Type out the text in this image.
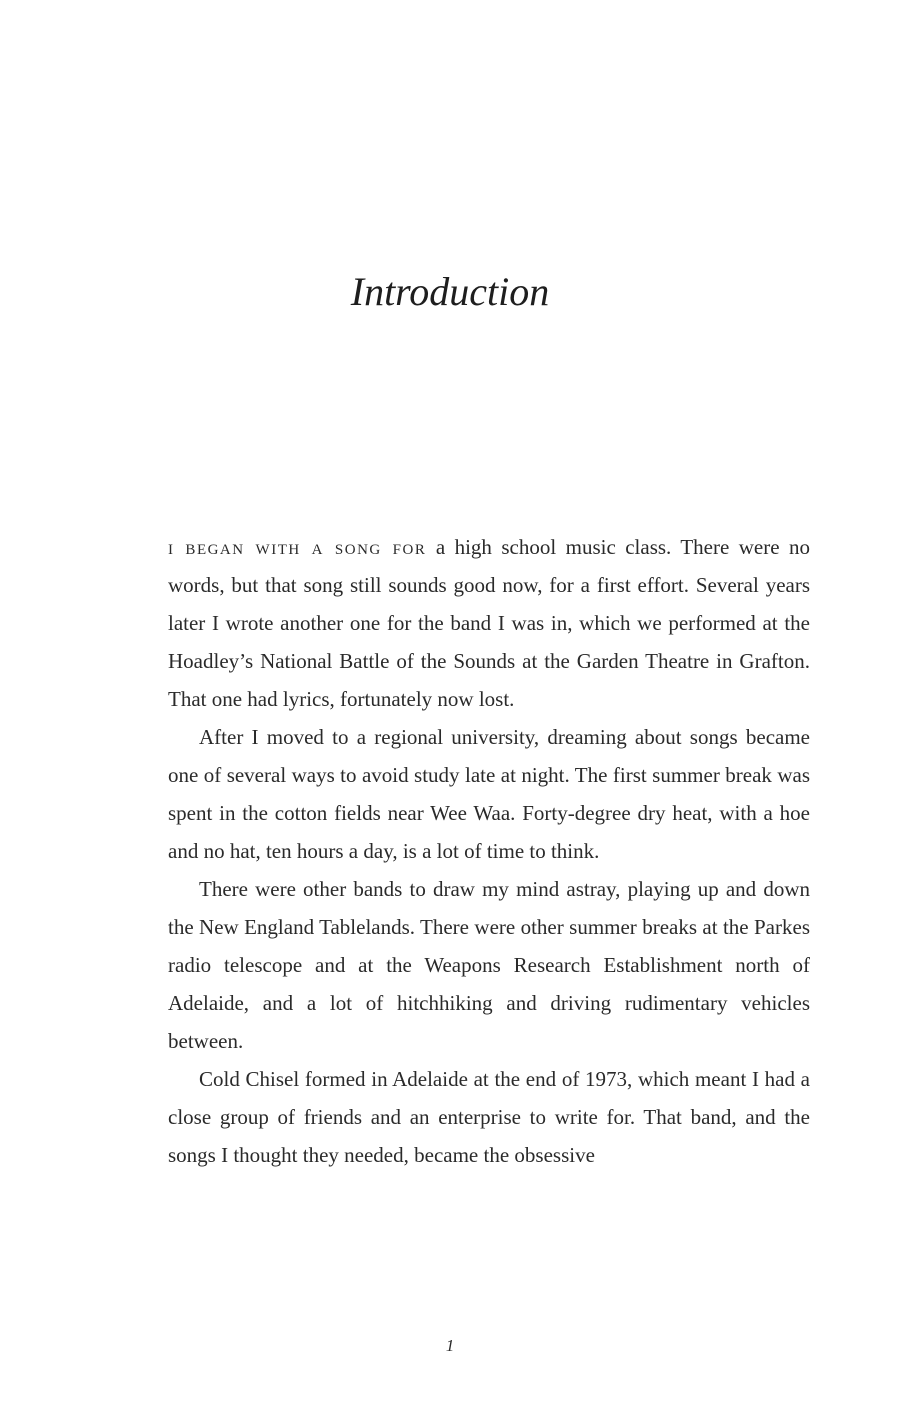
Introduction

i began with a song for a high school music class. There were no words, but that song still sounds good now, for a first effort. Several years later I wrote another one for the band I was in, which we performed at the Hoadley’s National Battle of the Sounds at the Garden Theatre in Grafton. That one had lyrics, fortunately now lost.

After I moved to a regional university, dreaming about songs became one of several ways to avoid study late at night. The first summer break was spent in the cotton fields near Wee Waa. Forty-degree dry heat, with a hoe and no hat, ten hours a day, is a lot of time to think.

There were other bands to draw my mind astray, playing up and down the New England Tablelands. There were other summer breaks at the Parkes radio telescope and at the Weapons Research Establishment north of Adelaide, and a lot of hitchhiking and driving rudimentary vehicles between.

Cold Chisel formed in Adelaide at the end of 1973, which meant I had a close group of friends and an enterprise to write for. That band, and the songs I thought they needed, became the obsessive

1
